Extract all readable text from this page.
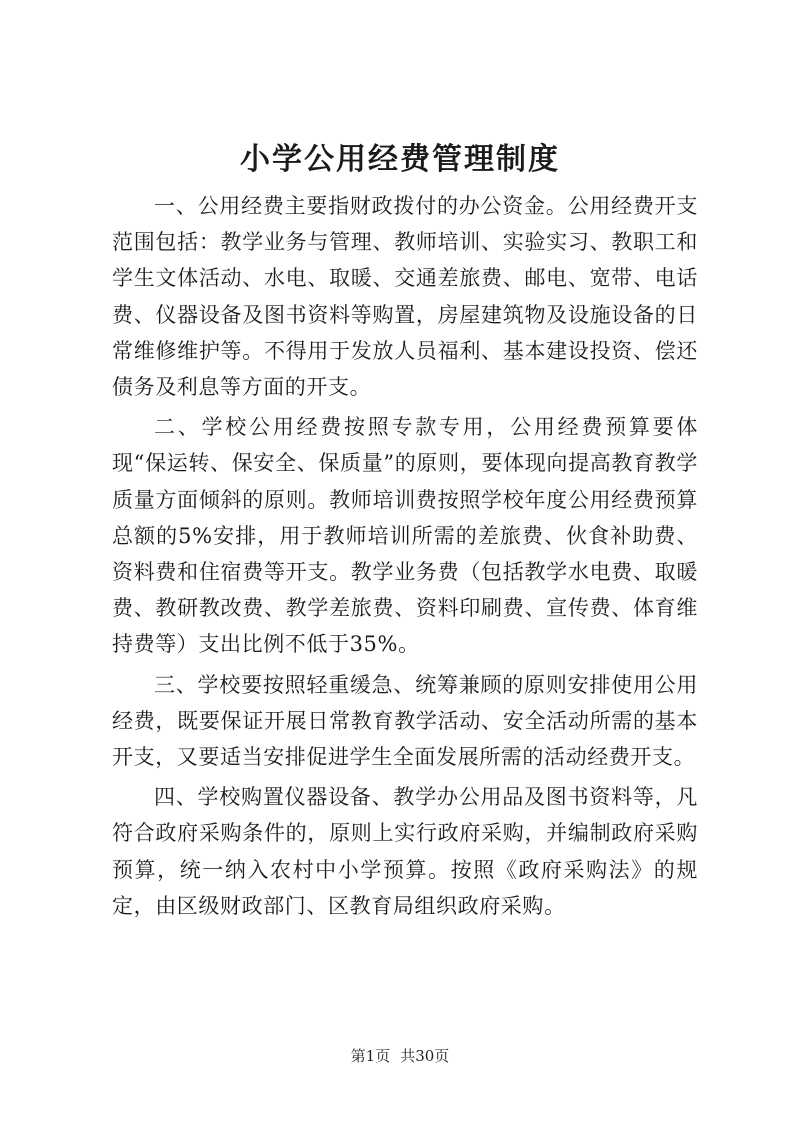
小学公用经费管理制度

一、公用经费主要指财政拨付的办公资金。公用经费开支范围包括：教学业务与管理、教师培训、实验实习、教职工和学生文体活动、水电、取暖、交通差旅费、邮电、宽带、电话费、仪器设备及图书资料等购置，房屋建筑物及设施设备的日常维修维护等。不得用于发放人员福利、基本建设投资、偿还债务及利息等方面的开支。

二、学校公用经费按照专款专用，公用经费预算要体现“保运转、保安全、保质量”的原则，要体现向提高教育教学质量方面倾斜的原则。教师培训费按照学校年度公用经费预算总额的5%安排，用于教师培训所需的差旅费、伙食补助费、资料费和住宿费等开支。教学业务费（包括教学水电费、取暖费、教研教改费、教学差旅费、资料印刷费、宣传费、体育维持费等）支出比例不低于35%。

三、学校要按照轻重缓急、统筹兼顾的原则安排使用公用经费，既要保证开展日常教育教学活动、安全活动所需的基本开支，又要适当安排促进学生全面发展所需的活动经费开支。

四、学校购置仪器设备、教学办公用品及图书资料等，凡符合政府采购条件的，原则上实行政府采购，并编制政府采购预算，统一纳入农村中小学预算。按照《政府采购法》的规定，由区级财政部门、区教育局组织政府采购。

第1页 共30页
